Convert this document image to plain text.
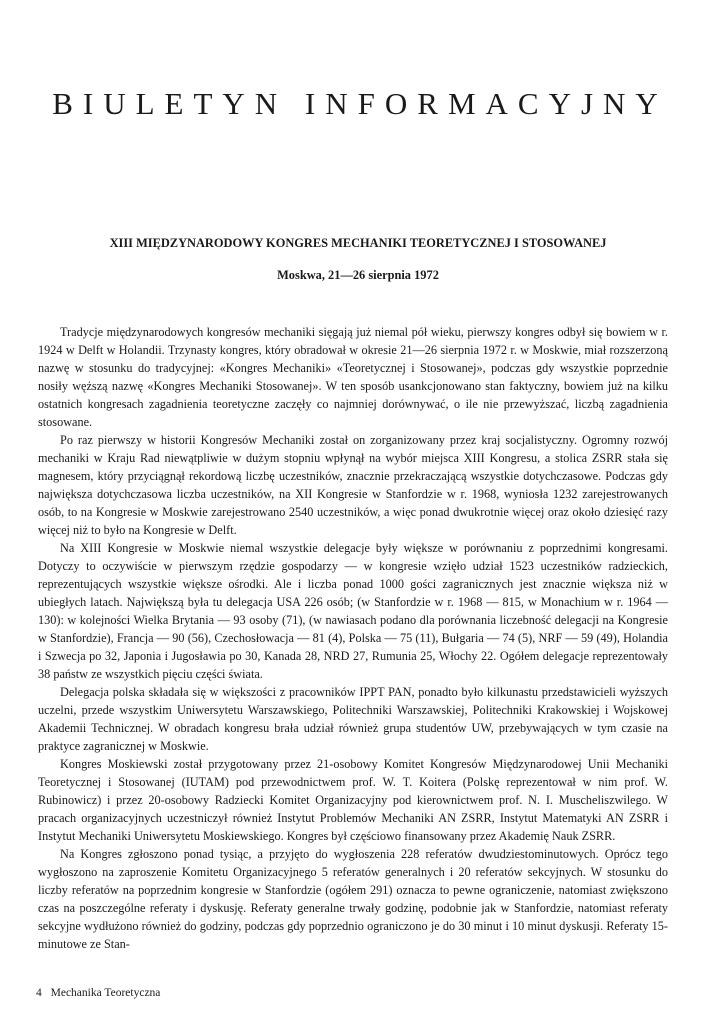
BIULETYN INFORMACYJNY
XIII MIĘDZYNARODOWY KONGRES MECHANIKI TEORETYCZNEJ I STOSOWANEJ
Moskwa, 21—26 sierpnia 1972

Tradycje międzynarodowych kongresów mechaniki sięgają już niemal pół wieku, pierwszy kongres odbył się bowiem w r. 1924 w Delft w Holandii. Trzynasty kongres, który obradował w okresie 21—26 sierpnia 1972 r. w Moskwie, miał rozszerzoną nazwę w stosunku do tradycyjnej: «Kongres Mechaniki» «Teoretycznej i Stosowanej», podczas gdy wszystkie poprzednie nosiły węższą nazwę «Kongres Mechaniki Stosowanej». W ten sposób usankcjonowano stan faktyczny, bowiem już na kilku ostatnich kongresach zagadnienia teoretyczne zaczęły co najmniej dorównywać, o ile nie przewyższać, liczbą zagadnienia stosowane.

Po raz pierwszy w historii Kongresów Mechaniki został on zorganizowany przez kraj socjalistyczny. Ogromny rozwój mechaniki w Kraju Rad niewątpliwie w dużym stopniu wpłynął na wybór miejsca XIII Kongresu, a stolica ZSRR stała się magnesem, który przyciągnął rekordową liczbę uczestników, znacznie przekraczającą wszystkie dotychczasowe. Podczas gdy największa dotychczasowa liczba uczestników, na XII Kongresie w Stanfordzie w r. 1968, wyniosła 1232 zarejestrowanych osób, to na Kongresie w Moskwie zarejestrowano 2540 uczestników, a więc ponad dwukrotnie więcej oraz około dziesięć razy więcej niż to było na Kongresie w Delft.

Na XIII Kongresie w Moskwie niemal wszystkie delegacje były większe w porównaniu z poprzednimi kongresami. Dotyczy to oczywiście w pierwszym rzędzie gospodarzy — w kongresie wzięło udział 1523 uczestników radzieckich, reprezentujących wszystkie większe ośrodki. Ale i liczba ponad 1000 gości zagranicznych jest znacznie większa niż w ubiegłych latach. Największą była tu delegacja USA 226 osób; (w Stanfordzie w r. 1968 — 815, w Monachium w r. 1964 — 130): w kolejności Wielka Brytania — 93 osoby (71), (w nawiasach podano dla porównania liczebność delegacji na Kongresie w Stanfordzie), Francja — 90 (56), Czechosłowacja — 81 (4), Polska — 75 (11), Bułgaria — 74 (5), NRF — 59 (49), Holandia i Szwecja po 32, Japonia i Jugosławia po 30, Kanada 28, NRD 27, Rumunia 25, Włochy 22. Ogółem delegacje reprezentowały 38 państw ze wszystkich pięciu części świata.

Delegacja polska składała się w większości z pracowników IPPT PAN, ponadto było kilkunastu przedstawicieli wyższych uczelni, przede wszystkim Uniwersytetu Warszawskiego, Politechniki Warszawskiej, Politechniki Krakowskiej i Wojskowej Akademii Technicznej. W obradach kongresu brała udział również grupa studentów UW, przebywających w tym czasie na praktyce zagranicznej w Moskwie.

Kongres Moskiewski został przygotowany przez 21-osobowy Komitet Kongresów Międzynarodowej Unii Mechaniki Teoretycznej i Stosowanej (IUTAM) pod przewodnictwem prof. W. T. Koitera (Polskę reprezentował w nim prof. W. Rubinowicz) i przez 20-osobowy Radziecki Komitet Organizacyjny pod kierownictwem prof. N. I. Muscheliszwilego. W pracach organizacyjnych uczestniczył również Instytut Problemów Mechaniki AN ZSRR, Instytut Matematyki AN ZSRR i Instytut Mechaniki Uniwersytetu Moskiewskiego. Kongres był częściowo finansowany przez Akademię Nauk ZSRR.

Na Kongres zgłoszono ponad tysiąc, a przyjęto do wygłoszenia 228 referatów dwudziestominutowych. Oprócz tego wygłoszono na zaproszenie Komitetu Organizacyjnego 5 referatów generalnych i 20 referatów sekcyjnych. W stosunku do liczby referatów na poprzednim kongresie w Stanfordzie (ogółem 291) oznacza to pewne ograniczenie, natomiast zwiększono czas na poszczególne referaty i dyskusję. Referaty generalne trwały godzinę, podobnie jak w Stanfordzie, natomiast referaty sekcyjne wydłużono również do godziny, podczas gdy poprzednio ograniczono je do 30 minut i 10 minut dyskusji. Referaty 15-minutowe ze Stan-

4 Mechanika Teoretyczna
